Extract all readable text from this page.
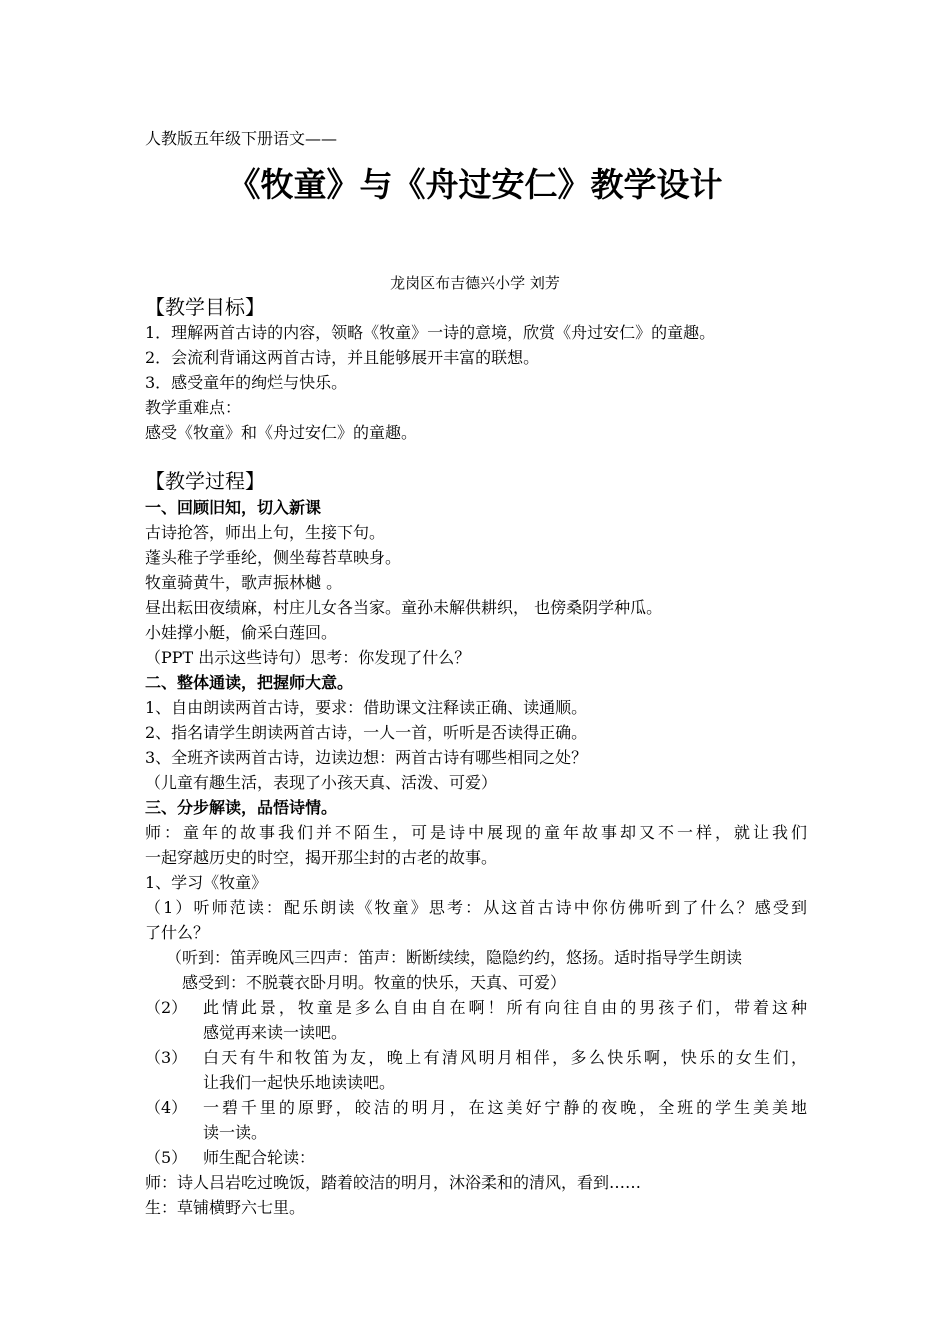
人教版五年级下册语文——
《牧童》与《舟过安仁》教学设计
龙岗区布吉德兴小学 刘芳
【教学目标】
1．理解两首古诗的内容，领略《牧童》一诗的意境，欣赏《舟过安仁》的童趣。
2．会流利背诵这两首古诗，并且能够展开丰富的联想。
3．感受童年的绚烂与快乐。
教学重难点：
感受《牧童》和《舟过安仁》的童趣。
【教学过程】
一、回顾旧知，切入新课
古诗抢答，师出上句，生接下句。
蓬头稚子学垂纶，侧坐莓苔草映身。
牧童骑黄牛，歌声振林樾 。
昼出耘田夜绩麻，村庄儿女各当家。童孙未解供耕织， 也傍桑阴学种瓜。
小娃撑小艇，偷采白莲回。
（PPT 出示这些诗句）思考：你发现了什么？
二、整体通读，把握师大意。
1、自由朗读两首古诗，要求：借助课文注释读正确、读通顺。
2、指名请学生朗读两首古诗，一人一首，听听是否读得正确。
3、全班齐读两首古诗，边读边想：两首古诗有哪些相同之处？
（儿童有趣生活，表现了小孩天真、活泼、可爱）
三、分步解读，品悟诗情。
师：童年的故事我们并不陌生，可是诗中展现的童年故事却又不一样，就让我们
一起穿越历史的时空，揭开那尘封的古老的故事。
1、学习《牧童》
（1）听师范读：配乐朗读《牧童》思考：从这首古诗中你仿佛听到了什么？感受到
了什么？
（听到：笛弄晚风三四声：笛声：断断续续，隐隐约约，悠扬。适时指导学生朗读
感受到：不脱蓑衣卧月明。牧童的快乐，天真、可爱）
（2） 此情此景，牧童是多么自由自在啊！所有向往自由的男孩子们，带着这种
感觉再来读一读吧。
（3） 白天有牛和牧笛为友，晚上有清风明月相伴，多么快乐啊，快乐的女生们，
让我们一起快乐地读读吧。
（4） 一碧千里的原野，皎洁的明月，在这美好宁静的夜晚，全班的学生美美地
读一读。
（5） 师生配合轮读：
师：诗人吕岩吃过晚饭，踏着皎洁的明月，沐浴柔和的清风，看到……
生：草铺横野六七里。
